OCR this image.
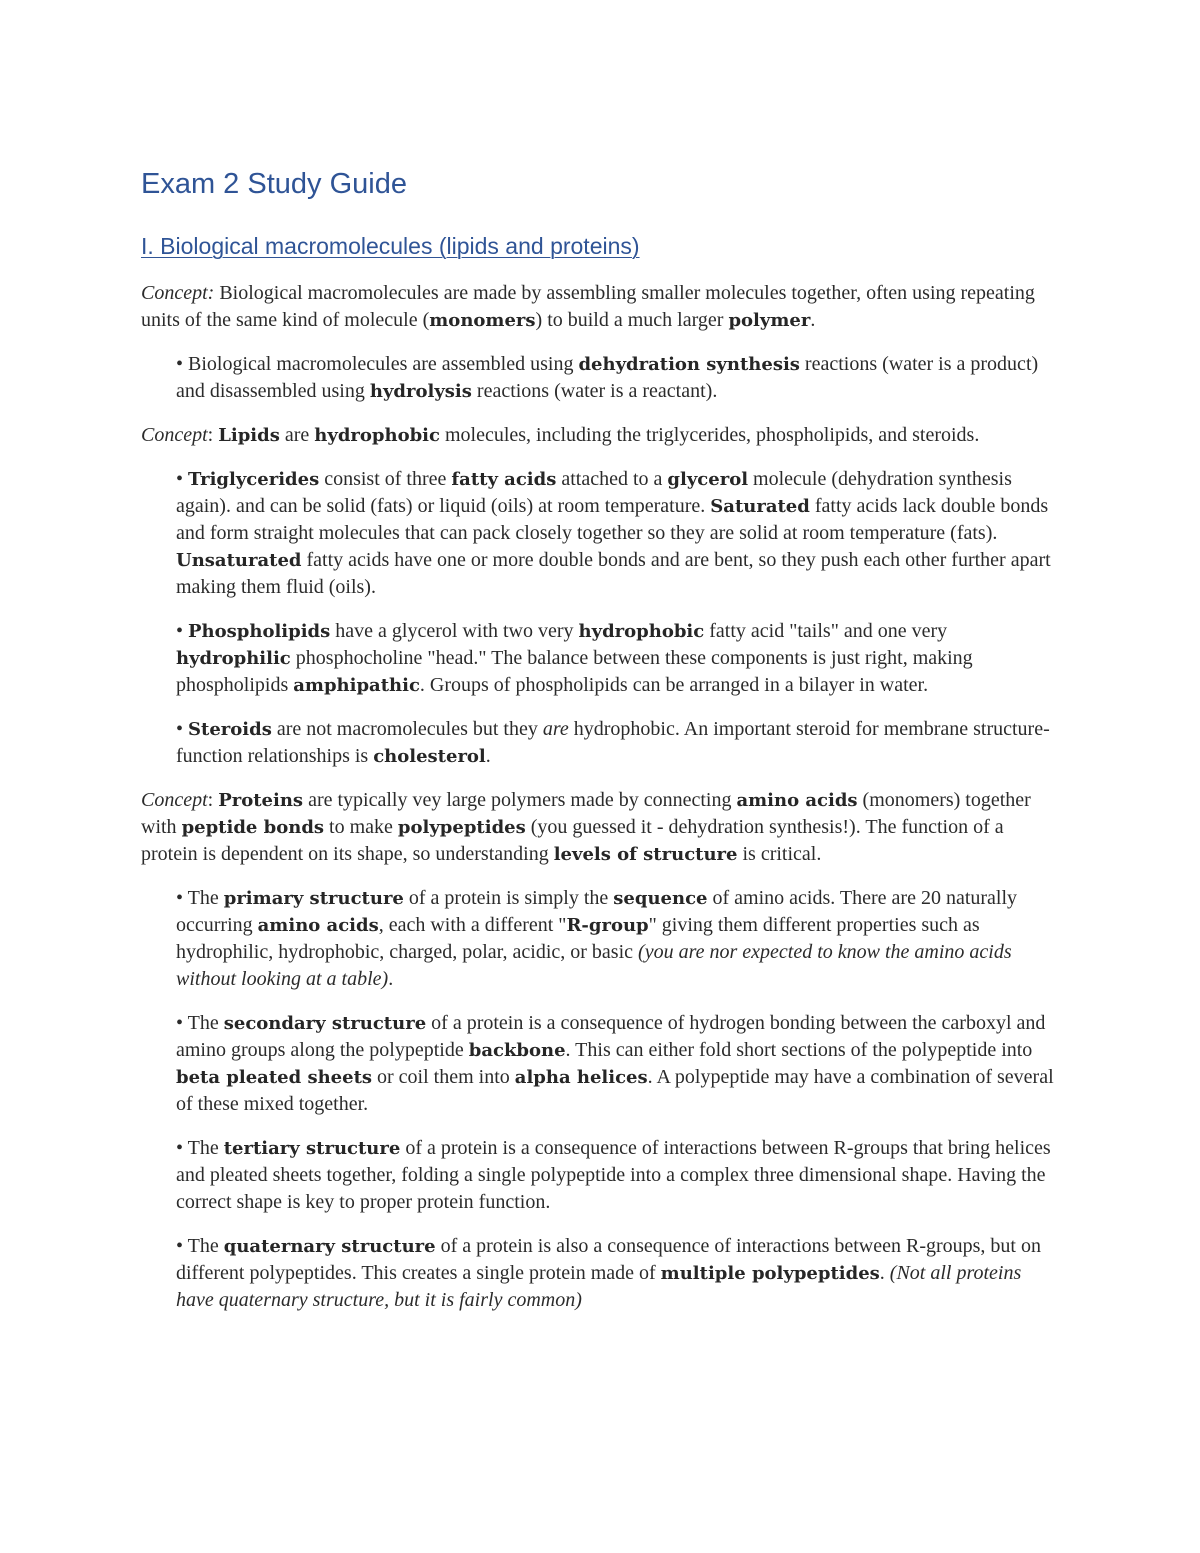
Exam 2 Study Guide
I. Biological macromolecules (lipids and proteins)

Concept: Biological macromolecules are made by assembling smaller molecules together, often using repeating units of the same kind of molecule (monomers) to build a much larger polymer.

• Biological macromolecules are assembled using dehydration synthesis reactions (water is a product) and disassembled using hydrolysis reactions (water is a reactant).

Concept: Lipids are hydrophobic molecules, including the triglycerides, phospholipids, and steroids.

• Triglycerides consist of three fatty acids attached to a glycerol molecule (dehydration synthesis again). and can be solid (fats) or liquid (oils) at room temperature. Saturated fatty acids lack double bonds and form straight molecules that can pack closely together so they are solid at room temperature (fats). Unsaturated fatty acids have one or more double bonds and are bent, so they push each other further apart making them fluid (oils).

• Phospholipids have a glycerol with two very hydrophobic fatty acid "tails" and one very hydrophilic phosphocholine "head." The balance between these components is just right, making phospholipids amphipathic. Groups of phospholipids can be arranged in a bilayer in water.

• Steroids are not macromolecules but they are hydrophobic. An important steroid for membrane structure-function relationships is cholesterol.

Concept: Proteins are typically vey large polymers made by connecting amino acids (monomers) together with peptide bonds to make polypeptides (you guessed it - dehydration synthesis!). The function of a protein is dependent on its shape, so understanding levels of structure is critical.

• The primary structure of a protein is simply the sequence of amino acids. There are 20 naturally occurring amino acids, each with a different "R-group" giving them different properties such as hydrophilic, hydrophobic, charged, polar, acidic, or basic (you are nor expected to know the amino acids without looking at a table).

• The secondary structure of a protein is a consequence of hydrogen bonding between the carboxyl and amino groups along the polypeptide backbone. This can either fold short sections of the polypeptide into beta pleated sheets or coil them into alpha helices. A polypeptide may have a combination of several of these mixed together.

• The tertiary structure of a protein is a consequence of interactions between R-groups that bring helices and pleated sheets together, folding a single polypeptide into a complex three dimensional shape. Having the correct shape is key to proper protein function.

• The quaternary structure of a protein is also a consequence of interactions between R-groups, but on different polypeptides. This creates a single protein made of multiple polypeptides. (Not all proteins have quaternary structure, but it is fairly common)
